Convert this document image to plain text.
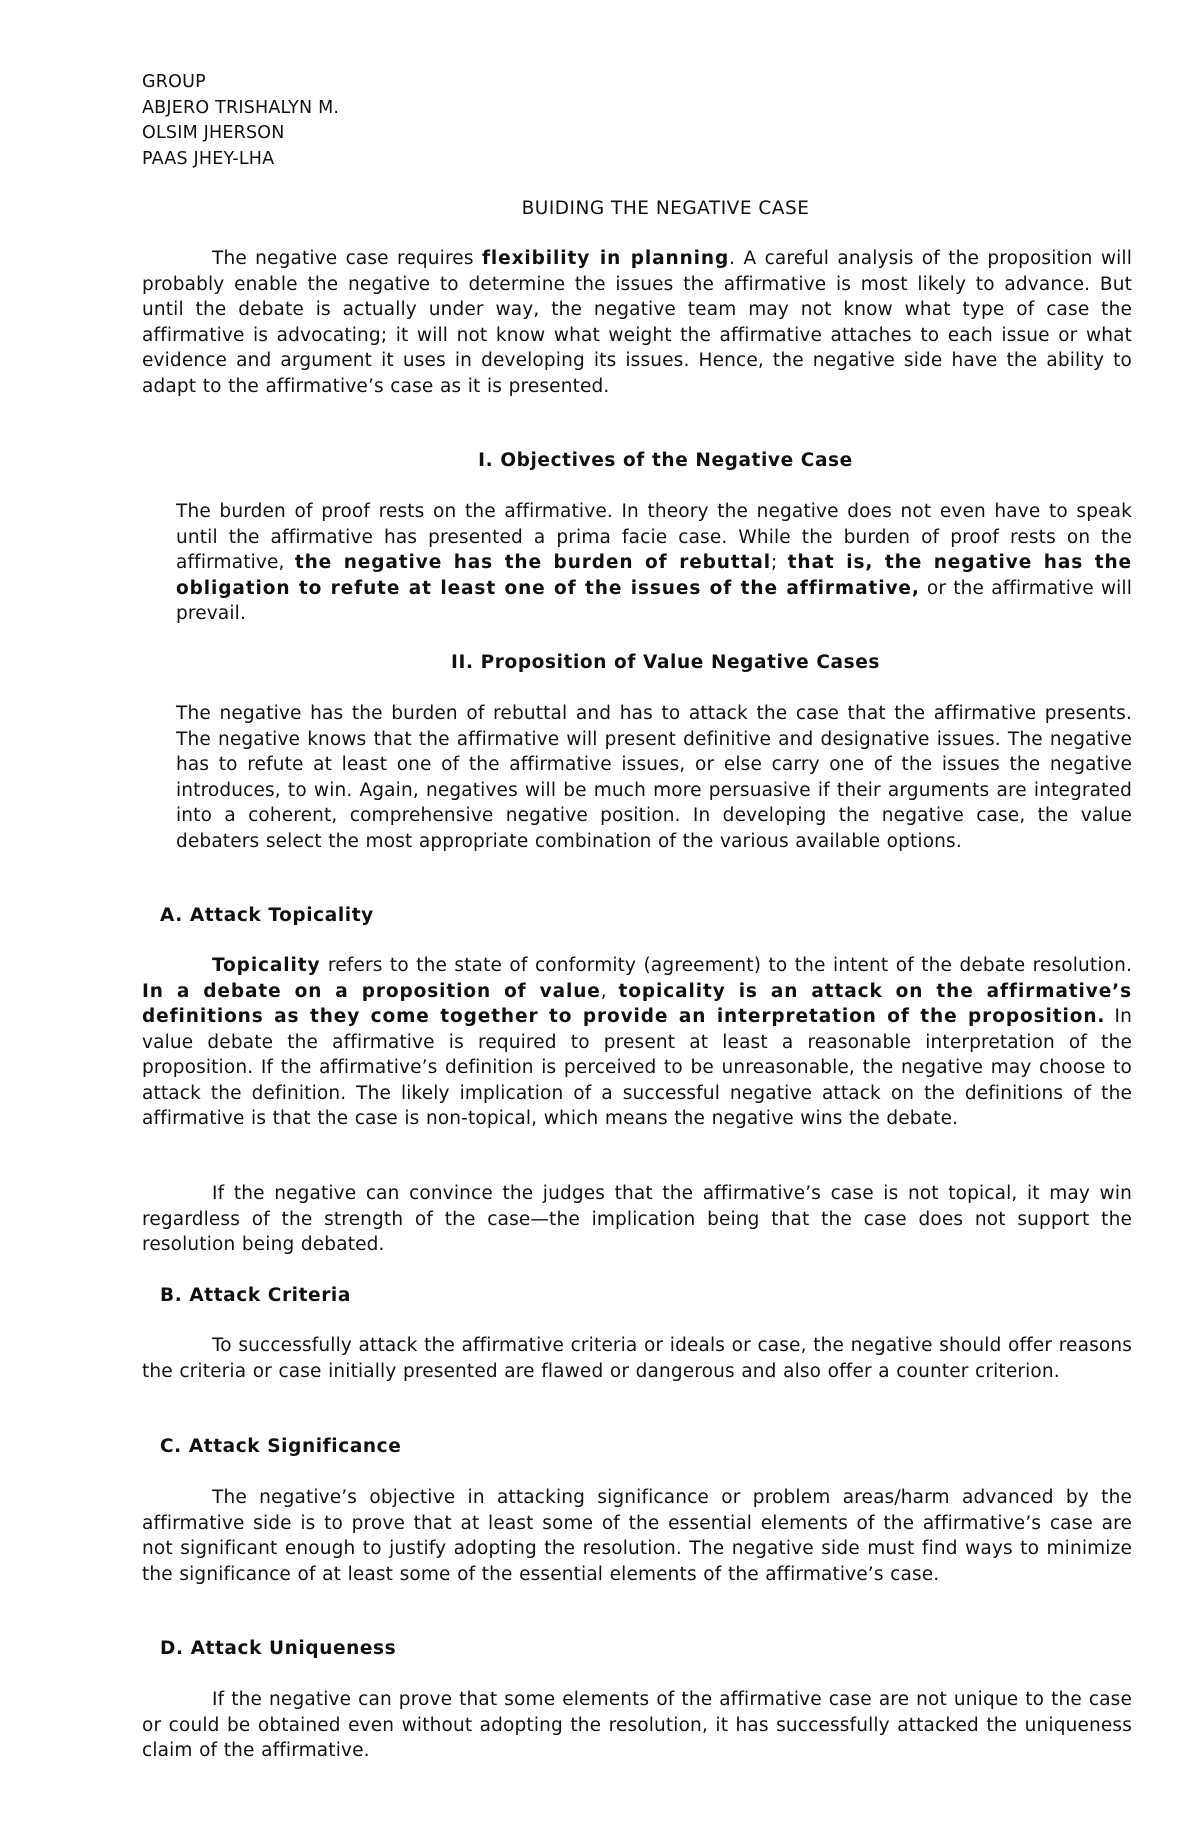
GROUP
ABJERO TRISHALYN M.
OLSIM JHERSON
PAAS JHEY-LHA
BUIDING THE NEGATIVE CASE

The negative case requires flexibility in planning. A careful analysis of the proposition will probably enable the negative to determine the issues the affirmative is most likely to advance. But until the debate is actually under way, the negative team may not know what type of case the affirmative is advocating; it will not know what weight the affirmative attaches to each issue or what evidence and argument it uses in developing its issues. Hence, the negative side have the ability to adapt to the affirmative’s case as it is presented.

I. Objectives of the Negative Case

The burden of proof rests on the affirmative. In theory the negative does not even have to speak until the affirmative has presented a prima facie case. While the burden of proof rests on the affirmative, the negative has the burden of rebuttal; that is, the negative has the obligation to refute at least one of the issues of the affirmative, or the affirmative will prevail.

II. Proposition of Value Negative Cases

The negative has the burden of rebuttal and has to attack the case that the affirmative presents. The negative knows that the affirmative will present definitive and designative issues. The negative has to refute at least one of the affirmative issues, or else carry one of the issues the negative introduces, to win. Again, negatives will be much more persuasive if their arguments are integrated into a coherent, comprehensive negative position. In developing the negative case, the value debaters select the most appropriate combination of the various available options.

A. Attack Topicality

Topicality refers to the state of conformity (agreement) to the intent of the debate resolution. In a debate on a proposition of value, topicality is an attack on the affirmative’s definitions as they come together to provide an interpretation of the proposition. In value debate the affirmative is required to present at least a reasonable interpretation of the proposition. If the affirmative’s definition is perceived to be unreasonable, the negative may choose to attack the definition. The likely implication of a successful negative attack on the definitions of the affirmative is that the case is non-topical, which means the negative wins the debate.

If the negative can convince the judges that the affirmative’s case is not topical, it may win regardless of the strength of the case—the implication being that the case does not support the resolution being debated.

B. Attack Criteria

To successfully attack the affirmative criteria or ideals or case, the negative should offer reasons the criteria or case initially presented are flawed or dangerous and also offer a counter criterion.

C. Attack Significance

The negative’s objective in attacking significance or problem areas/harm advanced by the affirmative side is to prove that at least some of the essential elements of the affirmative’s case are not significant enough to justify adopting the resolution. The negative side must find ways to minimize the significance of at least some of the essential elements of the affirmative’s case.

D. Attack Uniqueness

If the negative can prove that some elements of the affirmative case are not unique to the case or could be obtained even without adopting the resolution, it has successfully attacked the uniqueness claim of the affirmative.
